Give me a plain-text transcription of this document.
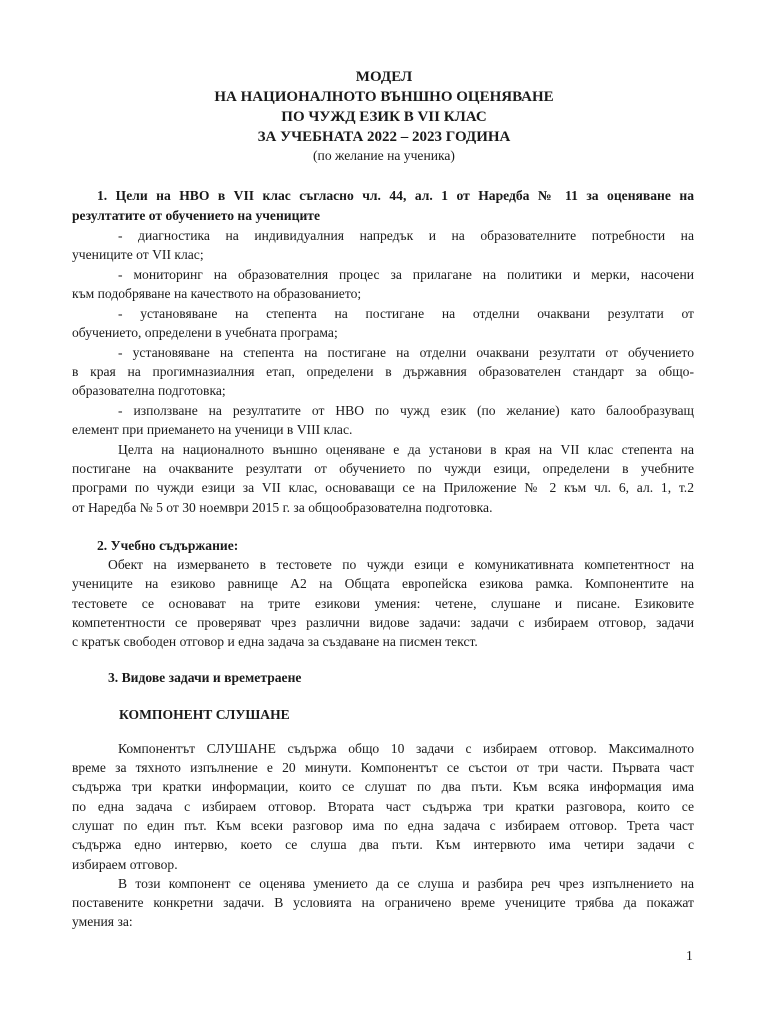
МОДЕЛ
НА НАЦИОНАЛНОТО ВЪНШНО ОЦЕНЯВАНЕ
ПО ЧУЖД ЕЗИК В VII КЛАС
ЗА УЧЕБНАТА 2022 – 2023 ГОДИНА
(по желание на ученика)
1. Цели на НВО в VII клас съгласно чл. 44, ал. 1 от Наредба № 11 за оценяване на
резултатите от обучението на учениците
- диагностика на индивидуалния напредък и на образователните потребности на
учениците от VII клас;
- мониторинг на образователния процес за прилагане на политики и мерки, насочени
към подобряване на качеството на образованието;
- установяване на степента на постигане на отделни очаквани резултати от
обучението, определени в учебната програма;
- установяване на степента на постигане на отделни очаквани резултати от обучението
в края на прогимназиалния етап, определени в държавния образователен стандарт за общо-
образователна подготовка;
- използване на резултатите от НВО по чужд език (по желание) като балообразуващ
елемент при приемането на ученици в VIII клас.
Целта на националното външно оценяване е да установи в края на VII клас степента на
постигане на очакваните резултати от обучението по чужди езици, определени в учебните
програми по чужди езици за VII клас, основаващи се на Приложение № 2 към чл. 6, ал. 1, т.2
от Наредба № 5 от 30 ноември 2015 г. за общообразователна подготовка.
2. Учебно съдържание:
Обект на измерването в тестовете по чужди езици е комуникативната компетентност на
учениците на езиково равнище А2 на Общата европейска езикова рамка. Компонентите на
тестовете се основават на трите езикови умения: четене, слушане и писане. Езиковите
компетентности се проверяват чрез различни видове задачи: задачи с избираем отговор, задачи
с кратък свободен отговор и една задача за създаване на писмен текст.
3. Видове задачи и времетраене
КОМПОНЕНТ СЛУШАНЕ
Компонентът СЛУШАНЕ съдържа общо 10 задачи с избираем отговор. Максималното
време за тяхното изпълнение е 20 минути. Компонентът се състои от три части. Първата част
съдържа три кратки информации, които се слушат по два пъти. Към всяка информация има
по една задача с избираем отговор. Втората част съдържа три кратки разговора, които се
слушат по един път. Към всеки разговор има по една задача с избираем отговор. Трета част
съдържа едно интервю, което се слуша два пъти. Към интервюто има четири задачи с
избираем отговор.
В този компонент се оценява умението да се слуша и разбира реч чрез изпълнението на
поставените конкретни задачи. В условията на ограничено време учениците трябва да покажат
умения за:
1
